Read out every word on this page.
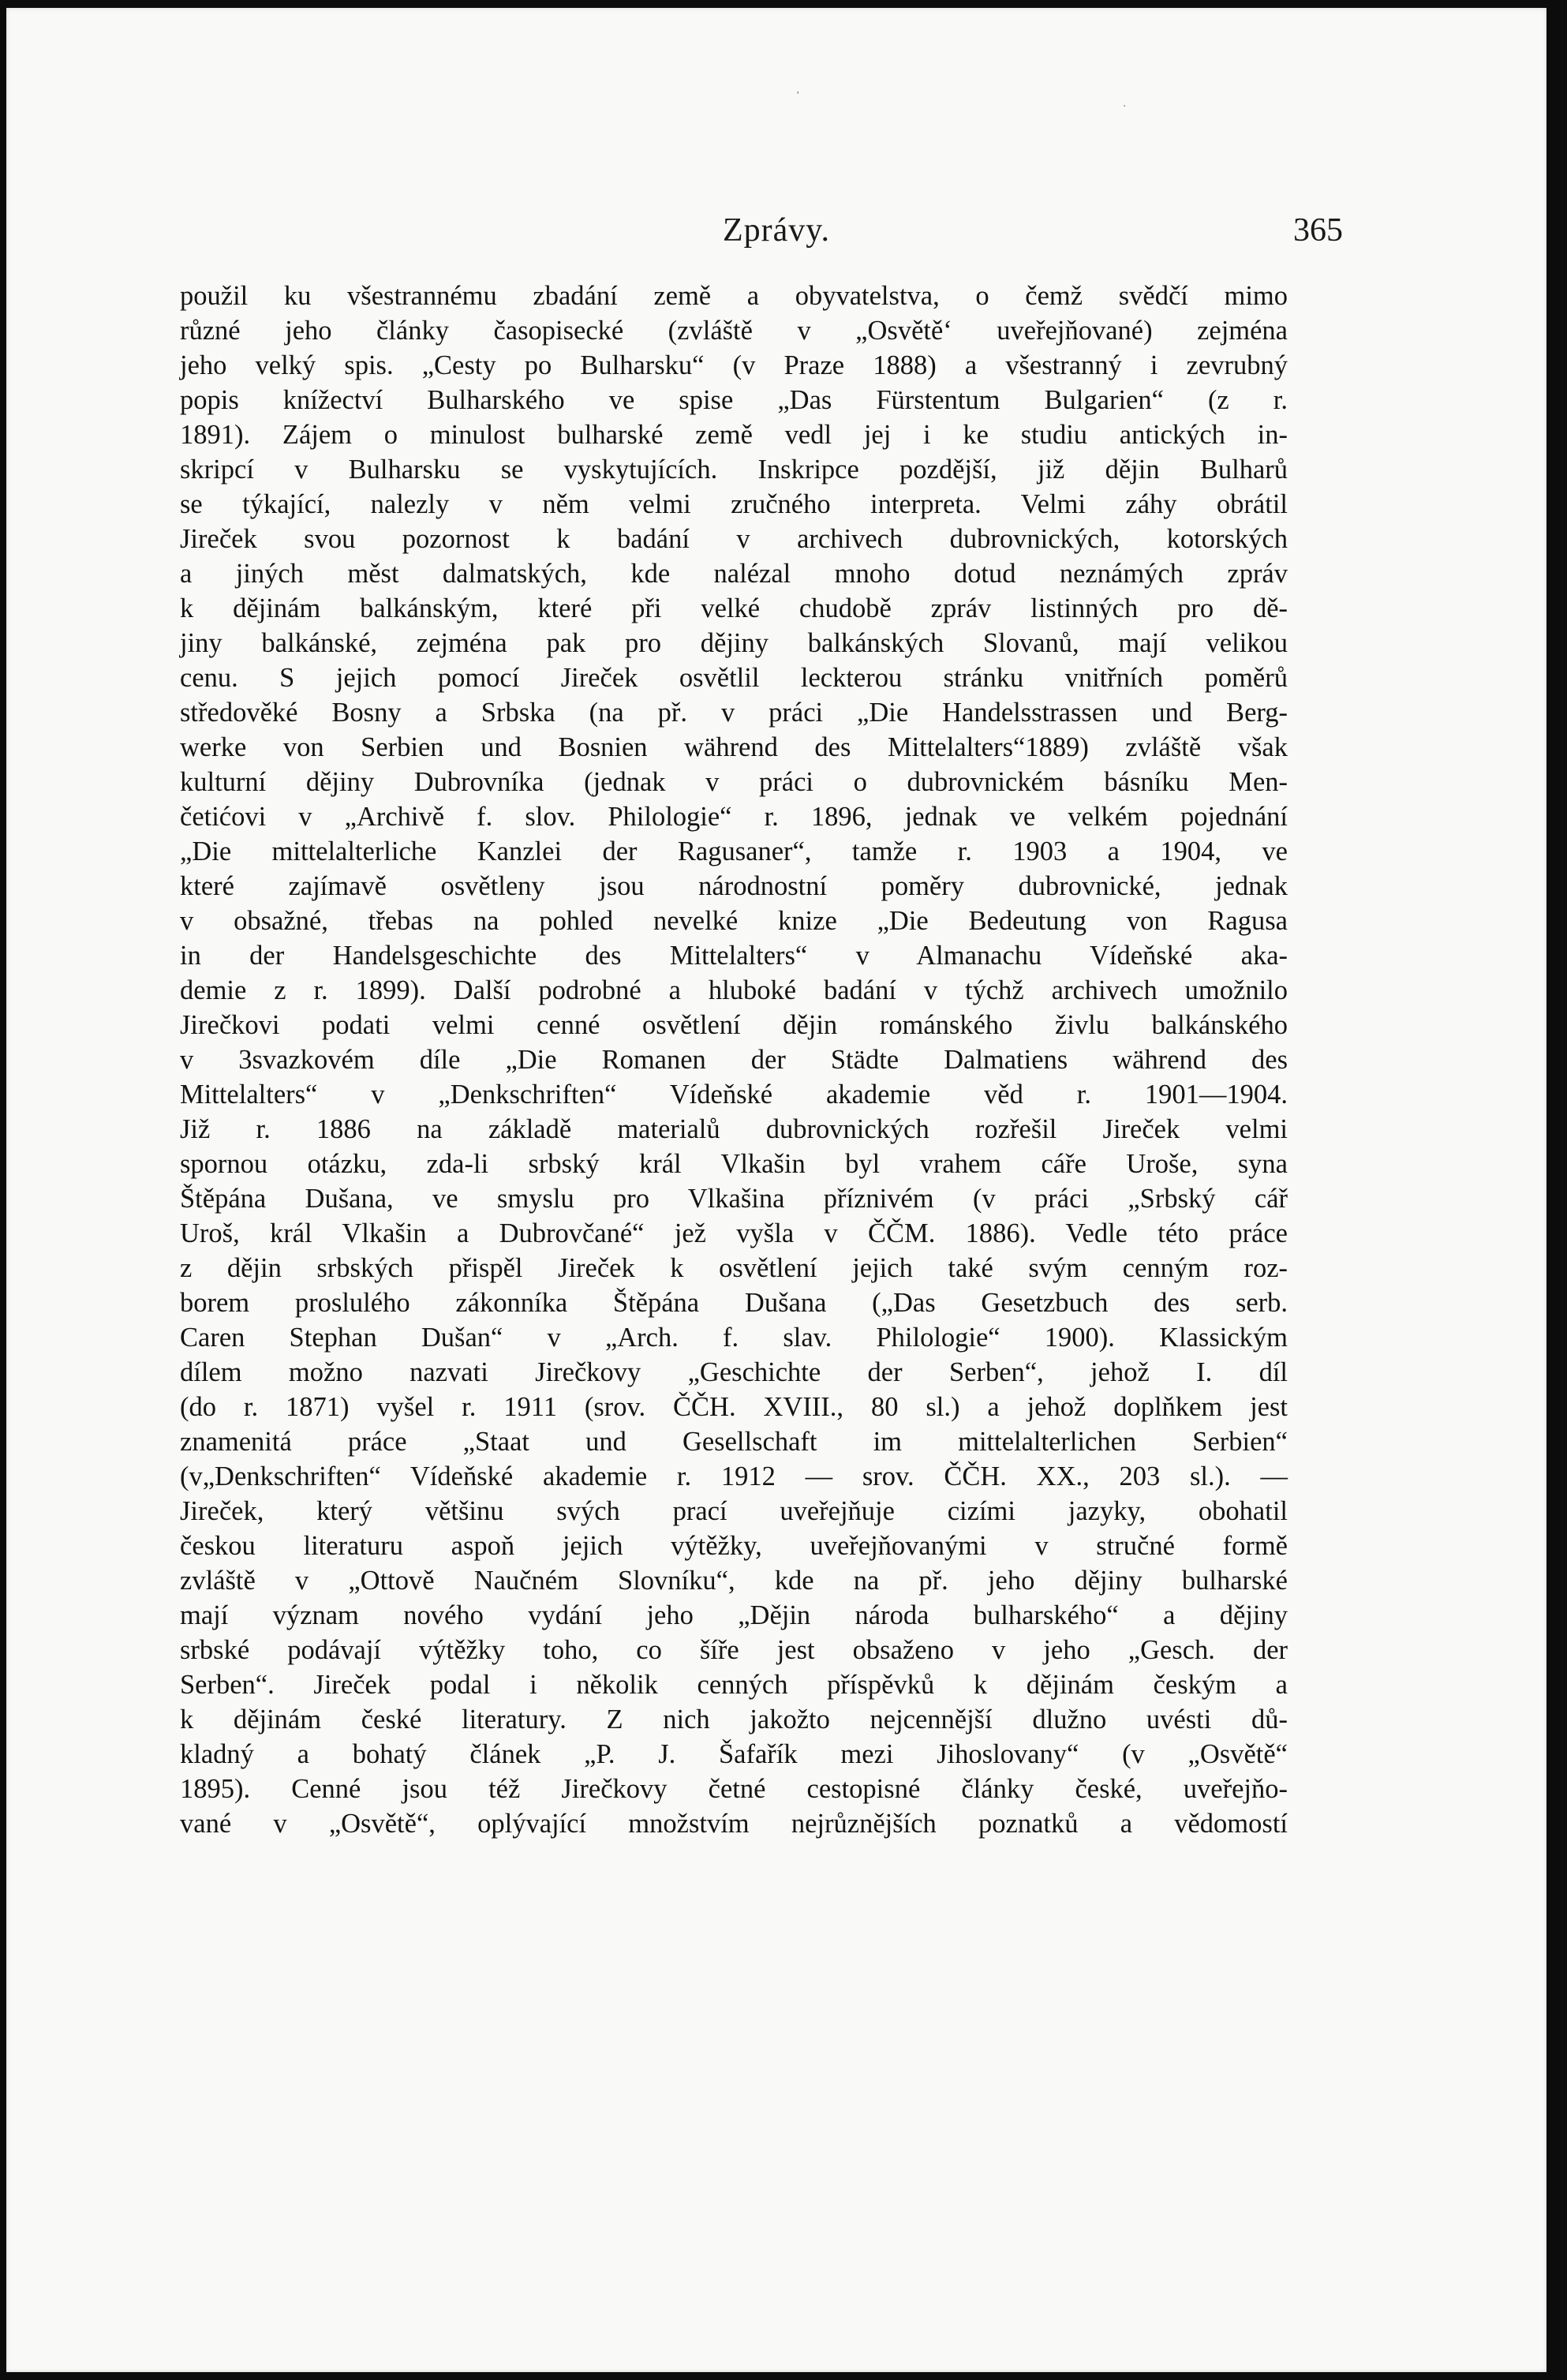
'
·
Zprávy.	365
použil ku všestrannému zbadání země a obyvatelstva, o čemž svědčí mimo
různé jeho články časopisecké (zvláště v „Osvětě‘ uveřejňované) zejména
jeho velký spis. „Cesty po Bulharsku“ (v Praze 1888) a všestranný i zevrubný
popis knížectví Bulharského ve spise „Das Fürstentum Bulgarien“ (z r.
1891). Zájem o minulost bulharské země vedl jej i ke studiu antických in-
skripcí v Bulharsku se vyskytujících. Inskripce pozdější, již dějin Bulharů
se týkající, nalezly v něm velmi zručného interpreta. Velmi záhy obrátil
Jireček svou pozornost k badání v archivech dubrovnických, kotorských
a jiných měst dalmatských, kde nalézal mnoho dotud neznámých zpráv
k dějinám balkánským, které při velké chudobě zpráv listinných pro dě-
jiny balkánské, zejména pak pro dějiny balkánských Slovanů, mají velikou
cenu. S jejich pomocí Jireček osvětlil leckterou stránku vnitřních poměrů
středověké Bosny a Srbska (na př. v práci „Die Handelsstrassen und Berg-
werke von Serbien und Bosnien während des Mittelalters“1889) zvláště však
kulturní dějiny Dubrovníka (jednak v práci o dubrovnickém básníku Men-
četićovi v „Archivě f. slov. Philologie“ r. 1896, jednak ve velkém pojednání
„Die mittelalterliche Kanzlei der Ragusaner“, tamže r. 1903 a 1904, ve
které zajímavě osvětleny jsou národnostní poměry dubrovnické, jednak
v obsažné, třebas na pohled nevelké knize „Die Bedeutung von Ragusa
in der Handelsgeschichte des Mittelalters“ v Almanachu Vídeňské aka-
demie z r. 1899). Další podrobné a hluboké badání v týchž archivech umožnilo
Jirečkovi podati velmi cenné osvětlení dějin románského živlu balkánského
v 3svazkovém díle „Die Romanen der Städte Dalmatiens während des
Mittelalters“ v „Denkschriften“ Vídeňské akademie věd r. 1901—1904.
Již r. 1886 na základě materialů dubrovnických rozřešil Jireček velmi
spornou otázku, zda-li srbský král Vlkašin byl vrahem cáře Uroše, syna
Štěpána Dušana, ve smyslu pro Vlkašina příznivém (v práci „Srbský cář
Uroš, král Vlkašin a Dubrovčané“ jež vyšla v ČČM. 1886). Vedle této práce
z dějin srbských přispěl Jireček k osvětlení jejich také svým cenným roz-
borem proslulého zákonníka Štěpána Dušana („Das Gesetzbuch des serb.
Caren Stephan Dušan“ v „Arch. f. slav. Philologie“ 1900). Klassickým
dílem možno nazvati Jirečkovy „Geschichte der Serben“, jehož I. díl
(do r. 1871) vyšel r. 1911 (srov. ČČH. XVIII., 80 sl.) a jehož doplňkem jest
znamenitá práce „Staat und Gesellschaft im mittelalterlichen Serbien“
(v„Denkschriften“ Vídeňské akademie r. 1912 — srov. ČČH. XX., 203 sl.). —
Jireček, který většinu svých prací uveřejňuje cizími jazyky, obohatil
českou literaturu aspoň jejich výtěžky, uveřejňovanými v stručné formě
zvláště v „Ottově Naučném Slovníku“, kde na př. jeho dějiny bulharské
mají význam nového vydání jeho „Dějin národa bulharského“ a dějiny
srbské podávají výtěžky toho, co šíře jest obsaženo v jeho „Gesch. der
Serben“. Jireček podal i několik cenných příspěvků k dějinám českým a
k dějinám české literatury. Z nich jakožto nejcennější dlužno uvésti dů-
kladný a bohatý článek „P. J. Šafařík mezi Jihoslovany“ (v „Osvětě“
1895). Cenné jsou též Jirečkovy četné cestopisné články české, uveřejňo-
vané v „Osvětě“, oplývající množstvím nejrůznějších poznatků a vědomostí
